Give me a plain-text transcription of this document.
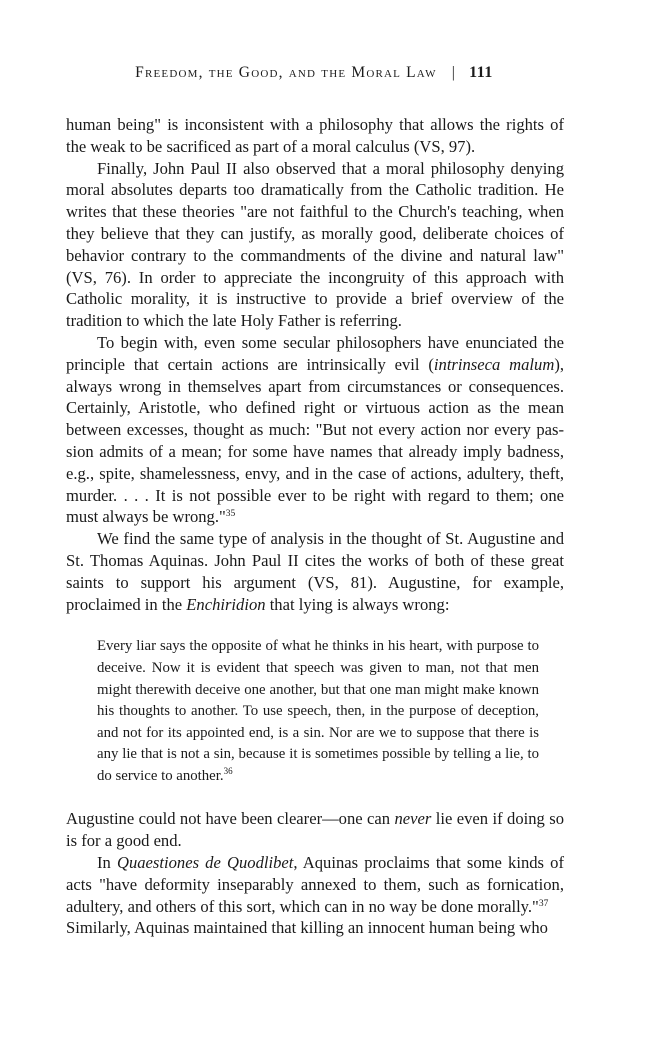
Freedom, the Good, and the Moral Law | 111

human being" is inconsistent with a philosophy that allows the rights of the weak to be sacrificed as part of a moral calculus (VS, 97).

Finally, John Paul II also observed that a moral philosophy denying moral absolutes departs too dramatically from the Catholic tradition. He writes that these theories "are not faithful to the Church's teaching, when they believe that they can justify, as morally good, deliberate choices of behavior contrary to the commandments of the divine and natural law" (VS, 76). In order to appreciate the incongruity of this approach with Catholic morality, it is instructive to provide a brief overview of the tradition to which the late Holy Father is referring.

To begin with, even some secular philosophers have enunciated the principle that certain actions are intrinsically evil (intrinseca malum), always wrong in themselves apart from circumstances or consequences. Certainly, Aristotle, who defined right or virtuous action as the mean between excesses, thought as much: "But not every action nor every passion admits of a mean; for some have names that already imply badness, e.g., spite, shamelessness, envy, and in the case of actions, adultery, theft, murder. . . . It is not possible ever to be right with regard to them; one must always be wrong."$^{35}$

We find the same type of analysis in the thought of St. Augustine and St. Thomas Aquinas. John Paul II cites the works of both of these great saints to support his argument (VS, 81). Augustine, for example, proclaimed in the Enchiridion that lying is always wrong:

Every liar says the opposite of what he thinks in his heart, with purpose to deceive. Now it is evident that speech was given to man, not that men might therewith deceive one another, but that one man might make known his thoughts to another. To use speech, then, in the purpose of deception, and not for its appointed end, is a sin. Nor are we to suppose that there is any lie that is not a sin, because it is sometimes possible by telling a lie, to do service to another.$^{36}$

Augustine could not have been clearer—one can never lie even if doing so is for a good end.

In Quaestiones de Quodlibet, Aquinas proclaims that some kinds of acts "have deformity inseparably annexed to them, such as fornication, adultery, and others of this sort, which can in no way be done morally."$^{37}$

Similarly, Aquinas maintained that killing an innocent human being who
